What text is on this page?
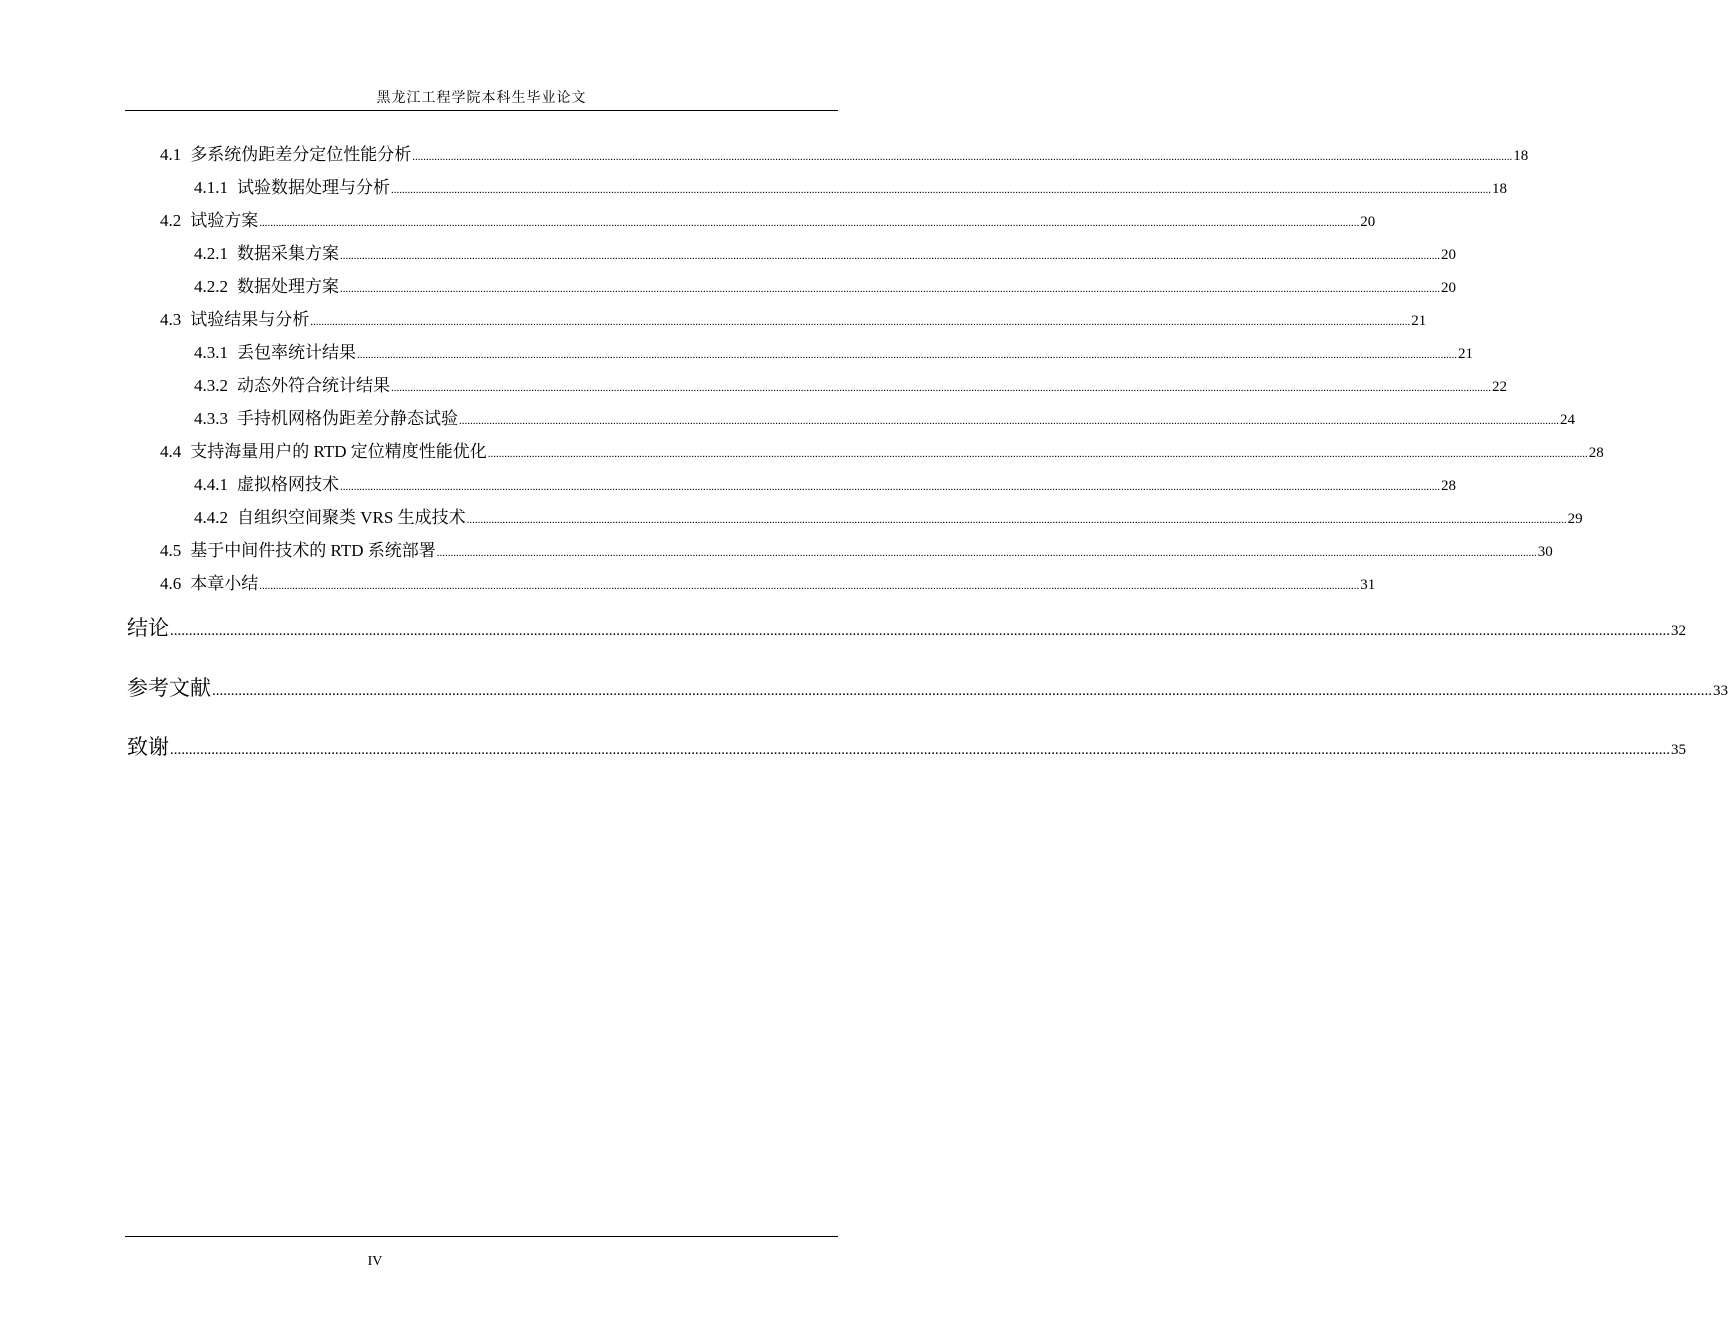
黑龙江工程学院本科生毕业论文
4.1 多系统伪距差分定位性能分析 ................................................................................................................................................................................................................................................................................................................................................................................................................ 18
4.1.1 试验数据处理与分析 ................................................................................................................................................................................................................................................................................................................................................................................................................ 18
4.2 试验方案 ................................................................................................................................................................................................................................................................................................................................................................................................................ 20
4.2.1 数据采集方案 ................................................................................................................................................................................................................................................................................................................................................................................................................ 20
4.2.2 数据处理方案 ................................................................................................................................................................................................................................................................................................................................................................................................................ 20
4.3 试验结果与分析 ................................................................................................................................................................................................................................................................................................................................................................................................................ 21
4.3.1 丢包率统计结果 ................................................................................................................................................................................................................................................................................................................................................................................................................ 21
4.3.2 动态外符合统计结果 ................................................................................................................................................................................................................................................................................................................................................................................................................ 22
4.3.3 手持机网格伪距差分静态试验 ................................................................................................................................................................................................................................................................................................................................................................................................................ 24
4.4 支持海量用户的 RTD 定位精度性能优化 ................................................................................................................................................................................................................................................................................................................................................................................................................ 28
4.4.1 虚拟格网技术 ................................................................................................................................................................................................................................................................................................................................................................................................................ 28
4.4.2 自组织空间聚类 VRS 生成技术 ................................................................................................................................................................................................................................................................................................................................................................................................................ 29
4.5 基于中间件技术的 RTD 系统部署 ................................................................................................................................................................................................................................................................................................................................................................................................................ 30
4.6 本章小结 ................................................................................................................................................................................................................................................................................................................................................................................................................ 31
结论 ................................................................................................................................................................................................................................................................................................................................................................................................................ 32
参考文献 ................................................................................................................................................................................................................................................................................................................................................................................................................ 33
致谢 ................................................................................................................................................................................................................................................................................................................................................................................................................ 35
IV
